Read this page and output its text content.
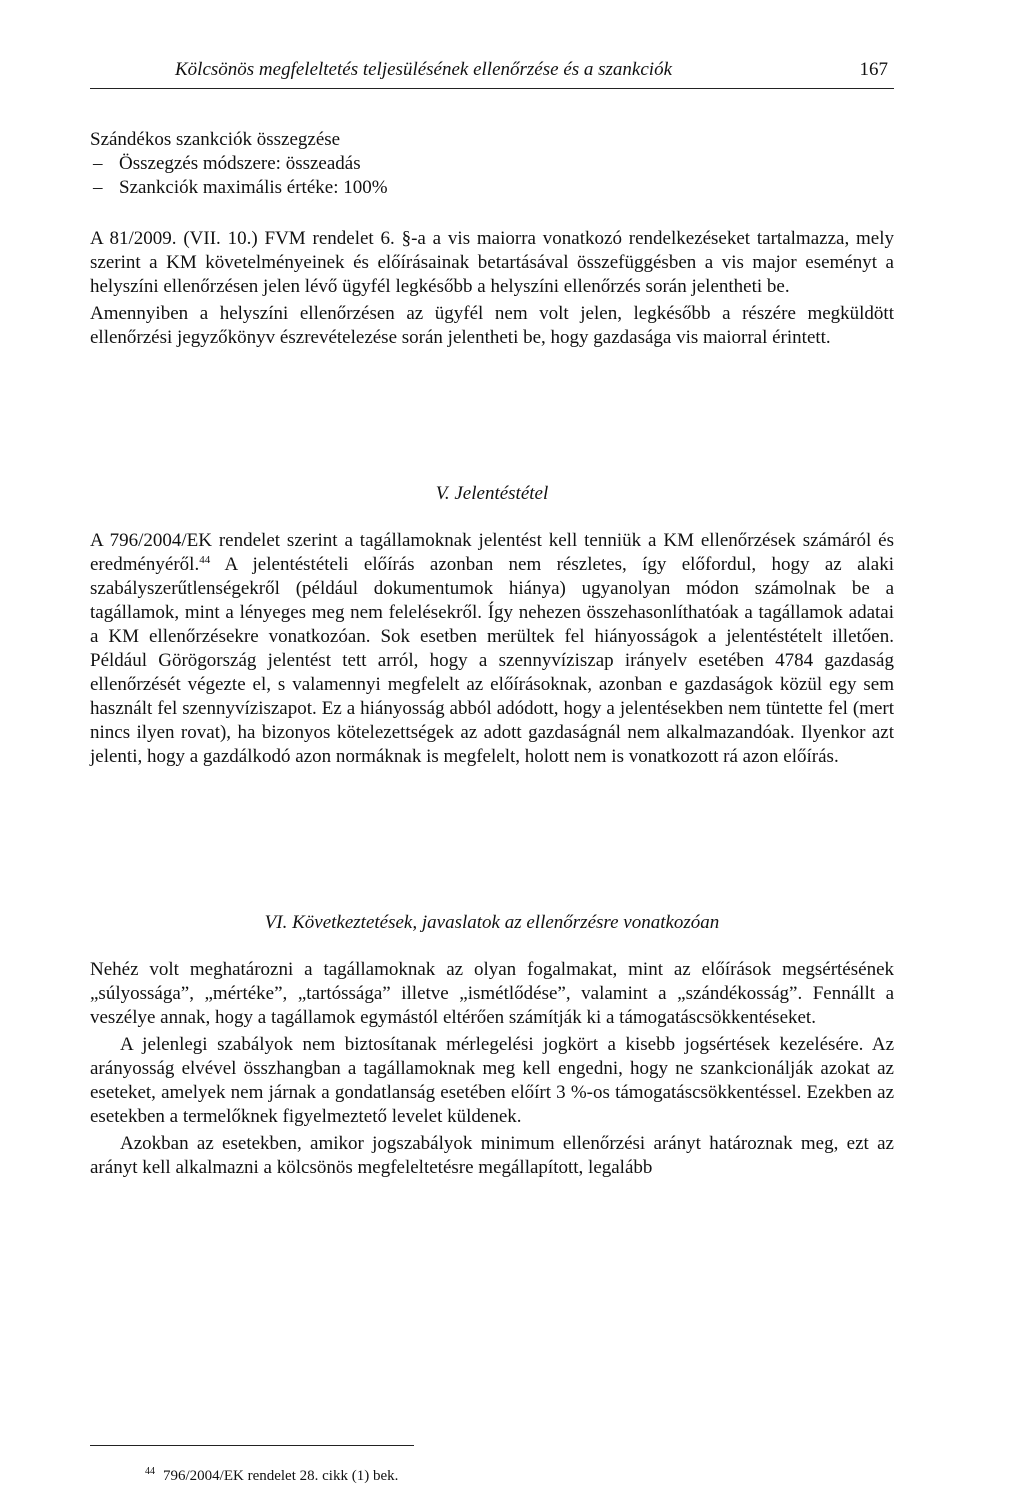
Kölcsönös megfeleltetés teljesülésének ellenőrzése és a szankciók	167

Szándékos szankciók összegzése

– Összegzés módszere: összeadás
– Szankciók maximális értéke: 100%

A 81/2009. (VII. 10.) FVM rendelet 6. §-a a vis maiorra vonatkozó rendelkezéseket tartalmazza, mely szerint a KM követelményeinek és előírásainak betartásával összefüggésben a vis major eseményt a helyszíni ellenőrzésen jelen lévő ügyfél legkésőbb a helyszíni ellenőrzés során jelentheti be.

Amennyiben a helyszíni ellenőrzésen az ügyfél nem volt jelen, legkésőbb a részére megküldött ellenőrzési jegyzőkönyv észrevételezése során jelentheti be, hogy gazdasága vis maiorral érintett.

V. Jelentéstétel

A 796/2004/EK rendelet szerint a tagállamoknak jelentést kell tenniük a KM ellenőrzések számáról és eredményéről.$^{44}$ A jelentéstételi előírás azonban nem részletes, így előfordul, hogy az alaki szabályszerűtlenségekről (például dokumentumok hiánya) ugyanolyan módon számolnak be a tagállamok, mint a lényeges meg nem felelésekről. Így nehezen összehasonlíthatóak a tagállamok adatai a KM ellenőrzésekre vonatkozóan. Sok esetben merültek fel hiányosságok a jelentéstételt illetően. Például Görögország jelentést tett arról, hogy a szennyvíziszap irányelv esetében 4784 gazdaság ellenőrzését végezte el, s valamennyi megfelelt az előírásoknak, azonban e gazdaságok közül egy sem használt fel szennyvíziszapot. Ez a hiányosság abból adódott, hogy a jelentésekben nem tüntette fel (mert nincs ilyen rovat), ha bizonyos kötelezettségek az adott gazdaságnál nem alkalmazandóak. Ilyenkor azt jelenti, hogy a gazdálkodó azon normáknak is megfelelt, holott nem is vonatkozott rá azon előírás.

VI. Következtetések, javaslatok az ellenőrzésre vonatkozóan

Nehéz volt meghatározni a tagállamoknak az olyan fogalmakat, mint az előírások megsértésének „súlyossága”, „mértéke”, „tartóssága” illetve „ismétlődése”, valamint a „szándékosság”. Fennállt a veszélye annak, hogy a tagállamok egymástól eltérően számítják ki a támogatáscsökkentéseket.

A jelenlegi szabályok nem biztosítanak mérlegelési jogkört a kisebb jogsértések kezelésére. Az arányosság elvével összhangban a tagállamoknak meg kell engedni, hogy ne szankcionálják azokat az eseteket, amelyek nem járnak a gondatlanság esetében előírt 3 %-os támogatáscsökkentéssel. Ezekben az esetekben a termelőknek figyelmeztető levelet küldenek.

Azokban az esetekben, amikor jogszabályok minimum ellenőrzési arányt határoznak meg, ezt az arányt kell alkalmazni a kölcsönös megfeleltetésre megállapított, legalább

$^{44}$ 796/2004/EK rendelet 28. cikk (1) bek.
